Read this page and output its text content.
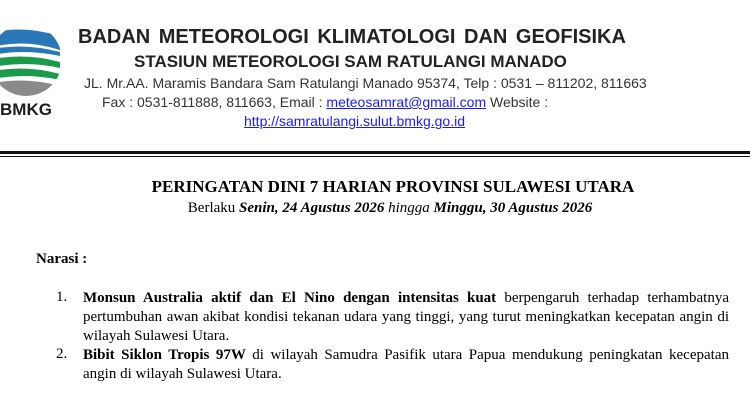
BMKG
BADAN METEOROLOGI KLIMATOLOGI DAN GEOFISIKA
STASIUN METEOROLOGI SAM RATULANGI MANADO
JL. Mr.AA. Maramis Bandara Sam Ratulangi Manado 95374, Telp : 0531 – 811202, 811663
Fax : 0531-811888, 811663, Email : meteosamrat@gmail.com Website :
http://samratulangi.sulut.bmkg.go.id
PERINGATAN DINI 7 HARIAN PROVINSI SULAWESI UTARA
Berlaku Senin, 24 Agustus 2026 hingga Minggu, 30 Agustus 2026
Narasi :
1. Monsun Australia aktif dan El Nino dengan intensitas kuat berpengaruh terhadap terhambatnya pertumbuhan awan akibat kondisi tekanan udara yang tinggi, yang turut meningkatkan kecepatan angin di wilayah Sulawesi Utara.
2. Bibit Siklon Tropis 97W di wilayah Samudra Pasifik utara Papua mendukung peningkatan kecepatan angin di wilayah Sulawesi Utara.
